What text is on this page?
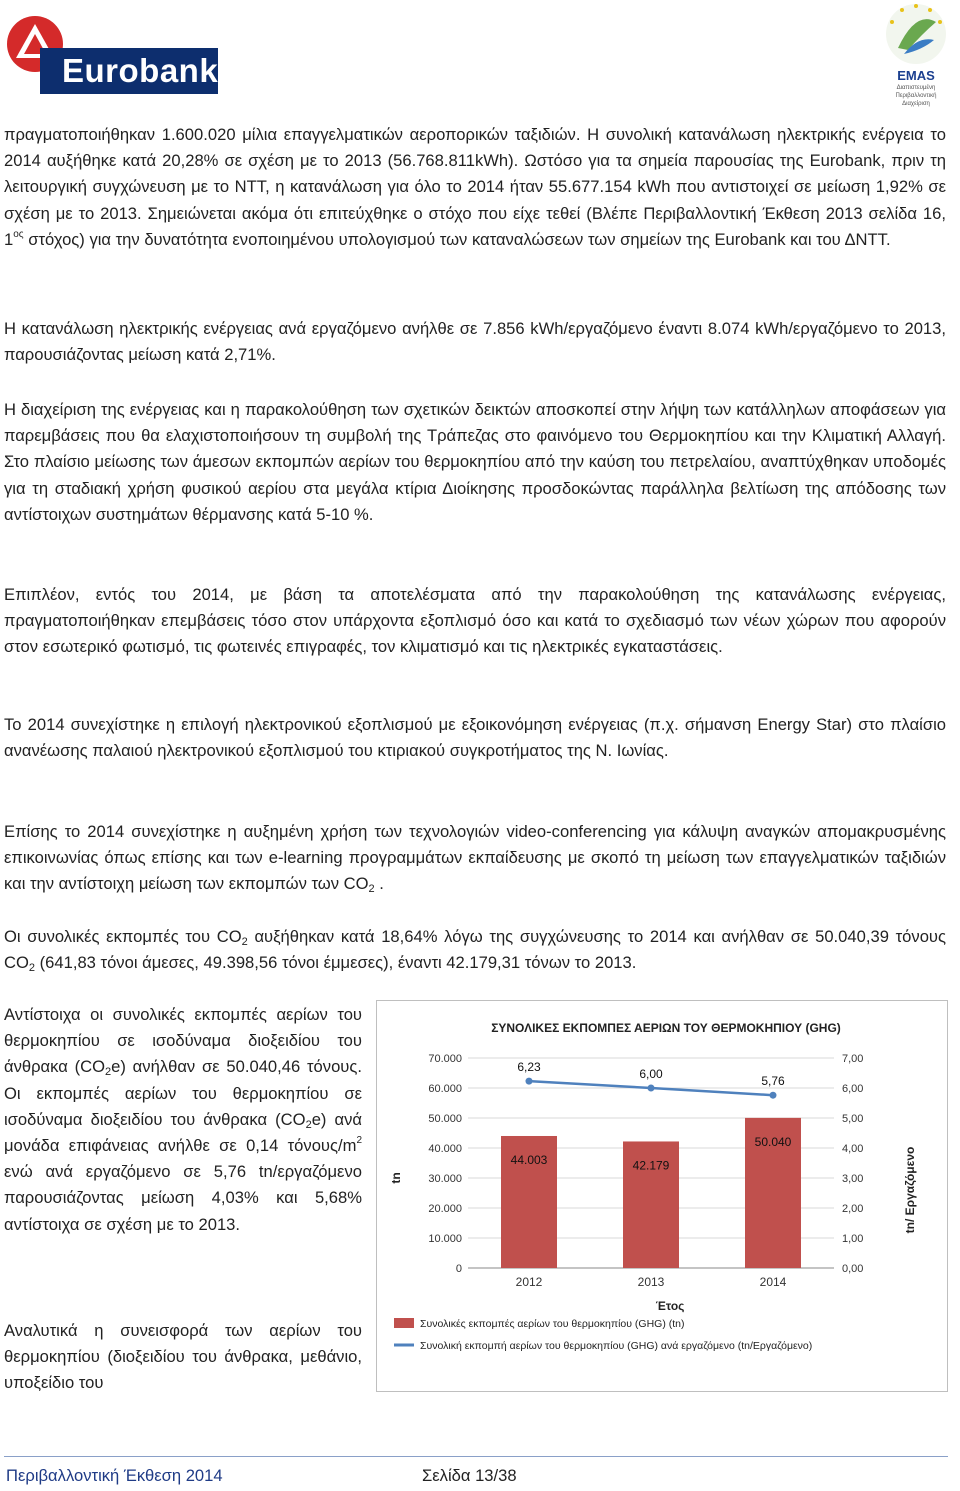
Eurobank	EMAS
Διαπιστευμένη Περιβαλλοντική Διαχείριση

πραγματοποιήθηκαν 1.600.020 μίλια επαγγελματικών αεροπορικών ταξιδιών. Η συνολική κατανάλωση ηλεκτρικής ενέργεια το 2014 αυξήθηκε κατά 20,28% σε σχέση με το 2013 (56.768.811kWh). Ωστόσο για τα σημεία παρουσίας της Eurobank, πριν τη λειτουργική συγχώνευση με το ΝΤΤ, η κατανάλωση για όλο το 2014 ήταν 55.677.154 kWh που αντιστοιχεί σε μείωση 1,92% σε σχέση με το 2013. Σημειώνεται ακόμα ότι επιτεύχθηκε ο στόχο που είχε τεθεί (Βλέπε Περιβαλλοντική Έκθεση 2013 σελίδα 16, $1^{o\varsigma}$ στόχος) για την δυνατότητα ενοποιημένου υπολογισμού των καταναλώσεων των σημείων της Eurobank και του ΔΝΤΤ.

Η κατανάλωση ηλεκτρικής ενέργειας ανά εργαζόμενο ανήλθε σε 7.856 kWh/εργαζόμενο έναντι 8.074 kWh/εργαζόμενο το 2013, παρουσιάζοντας μείωση κατά 2,71%.

Η διαχείριση της ενέργειας και η παρακολούθηση των σχετικών δεικτών αποσκοπεί στην λήψη των κατάλληλων αποφάσεων για παρεμβάσεις που θα ελαχιστοποιήσουν τη συμβολή της Τράπεζας στο φαινόμενο του Θερμοκηπίου και την Κλιματική Αλλαγή. Στο πλαίσιο μείωσης των άμεσων εκπομπών αερίων του θερμοκηπίου από την καύση του πετρελαίου, αναπτύχθηκαν υποδομές για τη σταδιακή χρήση φυσικού αερίου στα μεγάλα κτίρια Διοίκησης προσδοκώντας παράλληλα βελτίωση της απόδοσης των αντίστοιχων συστημάτων θέρμανσης κατά 5-10 %.

Επιπλέον, εντός του 2014, με βάση τα αποτελέσματα από την παρακολούθηση της κατανάλωσης ενέργειας, πραγματοποιήθηκαν επεμβάσεις τόσο στον υπάρχοντα εξοπλισμό όσο και κατά το σχεδιασμό των νέων χώρων που αφορούν στον εσωτερικό φωτισμό, τις φωτεινές επιγραφές, τον κλιματισμό και τις ηλεκτρικές εγκαταστάσεις.

Το 2014 συνεχίστηκε η επιλογή ηλεκτρονικού εξοπλισμού με εξοικονόμηση ενέργειας (π.χ. σήμανση Energy Star) στο πλαίσιο ανανέωσης παλαιού ηλεκτρονικού εξοπλισμού του κτιριακού συγκροτήματος της Ν. Ιωνίας.

Επίσης το 2014 συνεχίστηκε η αυξημένη χρήση των τεχνολογιών video-conferencing για κάλυψη αναγκών απομακρυσμένης επικοινωνίας όπως επίσης και των e-learning προγραμμάτων εκπαίδευσης με σκοπό τη μείωση των επαγγελματικών ταξιδιών και την αντίστοιχη μείωση των εκπομπών των $CO_2$ .

Οι συνολικές εκπομπές του $CO_2$ αυξήθηκαν κατά 18,64% λόγω της συγχώνευσης το 2014 και ανήλθαν σε 50.040,39 τόνους $CO_2$ (641,83 τόνοι άμεσες, 49.398,56 τόνοι έμμεσες), έναντι 42.179,31 τόνων το 2013.

Αντίστοιχα οι συνολικές εκπομπές αερίων του θερμοκηπίου σε ισοδύναμα διοξειδίου του άνθρακα $(CO_2e)$ ανήλθαν σε 50.040,46 τόνους. Οι εκπομπές αερίων του θερμοκηπίου σε ισοδύναμα διοξειδίου του άνθρακα $(CO_2e)$ ανά μονάδα επιφάνειας ανήλθε σε 0,14 τόνους/$m^2$ ενώ ανά εργαζόμενο σε 5,76 tn/εργαζόμενο παρουσιάζοντας μείωση 4,03% και 5,68% αντίστοιχα σε σχέση με το 2013.

Αναλυτικά η συνεισφορά των αερίων του θερμοκηπίου (διοξειδίου του άνθρακα, μεθάνιο, υποξείδιο του

ΣΥΝΟΛΙΚΕΣ ΕΚΠΟΜΠΕΣ ΑΕΡΙΩΝ ΤΟΥ ΘΕΡΜΟΚΗΠΙΟΥ (GHG)
tn	tn/ Εργαζόμενο
Έτος
0
10.000
20.000
30.000
40.000
50.000
60.000
70.000
0,00
1,00
2,00
3,00
4,00
5,00
6,00
7,00
44.003
2012
42.179
2013
50.040
2014
6,23	6,00
5,76
Συνολικές εκπομπές αερίων του θερμοκηπίου (GHG) (tn)
Συνολική εκπομπή αερίων του θερμοκηπίου (GHG) ανά εργαζόμενο (tn/Εργαζόμενο)
Περιβαλλοντική Έκθεση 2014	Σελίδα 13/38
